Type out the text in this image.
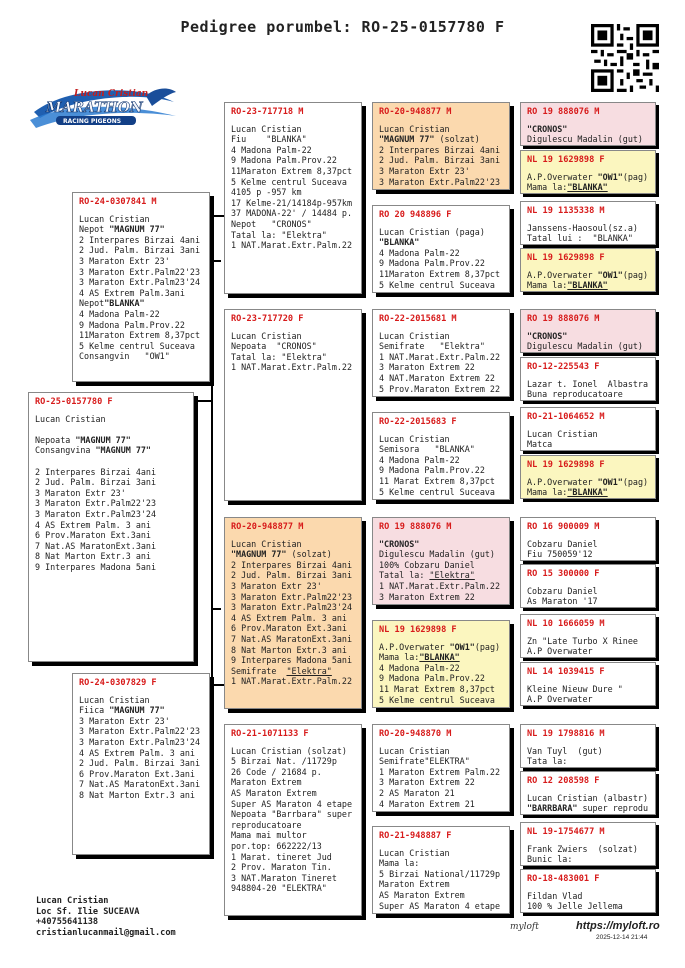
Pedigree porumbel: RO-25-0157780 F
Lucan Cristian
MARATHON
RACING PIGEONS
RO-25-0157780 F
Lucan Cristian

Nepoata "MAGNUM 77"
Consangvina "MAGNUM 77"

2 Interpares Birzai 4ani
2 Jud. Palm. Birzai 3ani
3 Maraton Extr 23'
3 Maraton Extr.Palm22'23
3 Maraton Extr.Palm23'24
4 AS Extrem Palm. 3 ani
6 Prov.Maraton Ext.3ani
7 Nat.AS MaratonExt.3ani
8 Nat Marton Extr.3 ani
9 Interpares Madona 5ani
RO-24-0307841 M
Lucan Cristian
Nepot "MAGNUM 77"
2 Interpares Birzai 4ani
2 Jud. Palm. Birzai 3ani
3 Maraton Extr 23'
3 Maraton Extr.Palm22'23
3 Maraton Extr.Palm23'24
4 AS Extrem Palm.3ani
Nepot"BLANKA"
4 Madona Palm-22
9 Madona Palm.Prov.22
11Maraton Extrem 8,37pct
5 Kelme centrul Suceava
Consangvin   "OW1"
RO-24-0307829 F
Lucan Cristian
Fiica "MAGNUM 77"
3 Maraton Extr 23'
3 Maraton Extr.Palm22'23
3 Maraton Extr.Palm23'24
4 AS Extrem Palm. 3 ani
2 Jud. Palm. Birzai 3ani
6 Prov.Maraton Ext.3ani
7 Nat.AS MaratonExt.3ani
8 Nat Marton Extr.3 ani
RO-23-717718 M
Lucan Cristian
Fiu    "BLANKA"
4 Madona Palm-22
9 Madona Palm.Prov.22
11Maraton Extrem 8,37pct
5 Kelme centrul Suceava
4105 p -957 km
17 Kelme-21/14184p-957km
37 MADONA-22' / 14484 p.
Nepot   "CRONOS"
Tatal la: "Elektra"
1 NAT.Marat.Extr.Palm.22
RO-23-717720 F
Lucan Cristian
Nepoata  "CRONOS"
Tatal la: "Elektra"
1 NAT.Marat.Extr.Palm.22
RO-20-948877 M
Lucan Cristian
"MAGNUM 77" (solzat)
2 Interpares Birzai 4ani
2 Jud. Palm. Birzai 3ani
3 Maraton Extr 23'
3 Maraton Extr.Palm22'23
3 Maraton Extr.Palm23'24
4 AS Extrem Palm. 3 ani
6 Prov.Maraton Ext.3ani
7 Nat.AS MaratonExt.3ani
8 Nat Marton Extr.3 ani
9 Interpares Madona 5ani
Semifrate  "Elektra"
1 NAT.Marat.Extr.Palm.22
RO-21-1071133 F
Lucan Cristian (solzat)
5 Birzai Nat. /11729p
26 Code / 21684 p.
Maraton Extrem
AS Maraton Extrem
Super AS Maraton 4 etape
Nepoata "Barrbara" super
reproducatoare
Mama mai multor
por.top: 662222/13
1 Marat. tineret Jud
2 Prov. Maraton Tin.
3 NAT.Maraton Tineret
948804-20 "ELEKTRA"
RO-20-948877 M
Lucan Cristian
"MAGNUM 77" (solzat)
2 Interpares Birzai 4ani
2 Jud. Palm. Birzai 3ani
3 Maraton Extr 23'
3 Maraton Extr.Palm22'23
RO 20 948896 F
Lucan Cristian (paga)
"BLANKA"
4 Madona Palm-22
9 Madona Palm.Prov.22
11Maraton Extrem 8,37pct
5 Kelme centrul Suceava
RO-22-2015681 M
Lucan Cristian
Semifrate   "Elektra"
1 NAT.Marat.Extr.Palm.22
3 Maraton Extrem 22
4 NAT.Maraton Extrem 22
5 Prov.Maraton Extrem 22
RO-22-2015683 F
Lucan Cristian
Semisora   "BLANKA"
4 Madona Palm-22
9 Madona Palm.Prov.22
11 Marat Extrem 8,37pct
5 Kelme centrul Suceava
RO 19 888076 M
"CRONOS"
Digulescu Madalin (gut)
100% Cobzaru Daniel
Tatal la: "Elektra"
1 NAT.Marat.Extr.Palm.22
3 Maraton Extrem 22
NL 19 1629898 F
A.P.Overwater "OW1"(pag)
Mama la:"BLANKA"
4 Madona Palm-22
9 Madona Palm.Prov.22
11 Marat Extrem 8,37pct
5 Kelme centrul Suceava
RO-20-948870 M
Lucan Cristian
Semifrate"ELEKTRA"
1 Maraton Extrem Palm.22
3 Maraton Extrem 22
2 AS Maraton 21
4 Maraton Extrem 21
RO-21-948887 F
Lucan Cristian
Mama la:
5 Birzai National/11729p
Maraton Extrem
AS Maraton Extrem
Super AS Maraton 4 etape
RO 19 888076 M
"CRONOS"
Digulescu Madalin (gut)
NL 19 1629898 F
A.P.Overwater "OW1"(pag)
Mama la:"BLANKA"
NL 19 1135338 M
Janssens-Haosoul(sz.a)
Tatal lui :  "BLANKA"
NL 19 1629898 F
A.P.Overwater "OW1"(pag)
Mama la:"BLANKA"
RO 19 888076 M
"CRONOS"
Digulescu Madalin (gut)
RO-12-225543 F
Lazar t. Ionel  Albastra
Buna reproducatoare
RO-21-1064652 M
Lucan Cristian
Matca
NL 19 1629898 F
A.P.Overwater "OW1"(pag)
Mama la:"BLANKA"
RO 16 900009 M
Cobzaru Daniel
Fiu 750059'12
RO 15 300000 F
Cobzaru Daniel
As Maraton '17
NL 10 1666059 M
Zn "Late Turbo X Rinee
A.P Overwater
NL 14 1039415 F
Kleine Nieuw Dure "
A.P Overwater
NL 19 1798816 M
Van Tuyl  (gut)
Tata la:
RO 12 208598 F
Lucan Cristian (albastr)
"BARRBARA" super reprodu
NL 19-1754677 M
Frank Zwiers  (solzat)
Bunic la:
RO-18-483001 F
Fildan Vlad
100 % Jelle Jellema
Lucan Cristian
Loc Sf. Ilie SUCEAVA
+40755641138
cristianlucanmail@gmail.com
myloft	https://myloft.ro
2025-12-14 21:44
